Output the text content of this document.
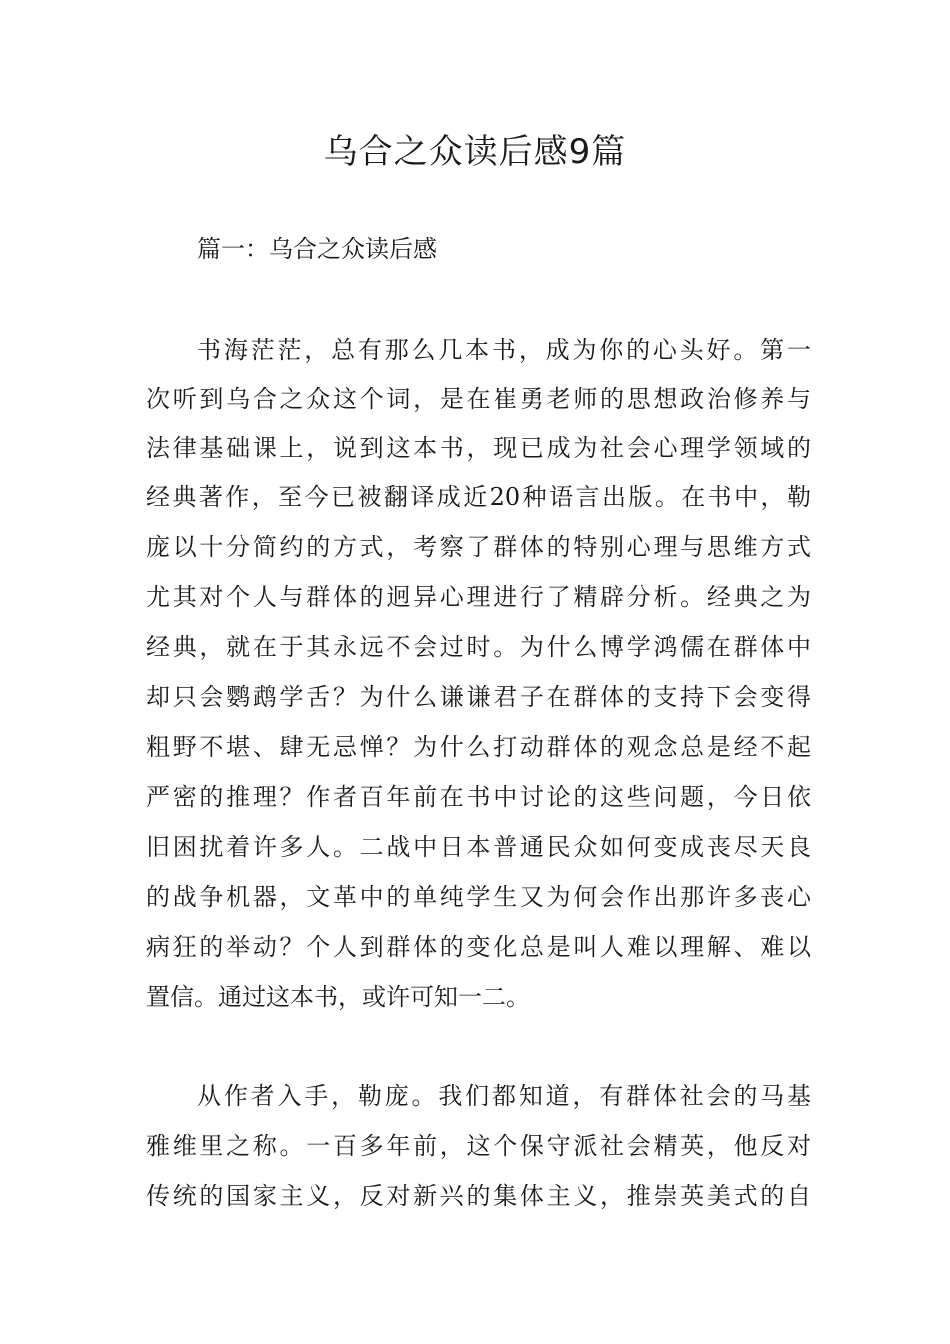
乌合之众读后感9篇
篇一：乌合之众读后感
书海茫茫，总有那么几本书，成为你的心头好。第一
次听到乌合之众这个词，是在崔勇老师的思想政治修养与
法律基础课上，说到这本书，现已成为社会心理学领域的
经典著作，至今已被翻译成近20种语言出版。在书中，勒
庞以十分简约的方式，考察了群体的特别心理与思维方式
尤其对个人与群体的迥异心理进行了精辟分析。经典之为
经典，就在于其永远不会过时。为什么博学鸿儒在群体中
却只会鹦鹉学舌？为什么谦谦君子在群体的支持下会变得
粗野不堪、肆无忌惮？为什么打动群体的观念总是经不起
严密的推理？作者百年前在书中讨论的这些问题，今日依
旧困扰着许多人。二战中日本普通民众如何变成丧尽天良
的战争机器，文革中的单纯学生又为何会作出那许多丧心
病狂的举动？个人到群体的变化总是叫人难以理解、难以
置信。通过这本书，或许可知一二。
从作者入手，勒庞。我们都知道，有群体社会的马基
雅维里之称。一百多年前，这个保守派社会精英，他反对
传统的国家主义，反对新兴的集体主义，推崇英美式的自
